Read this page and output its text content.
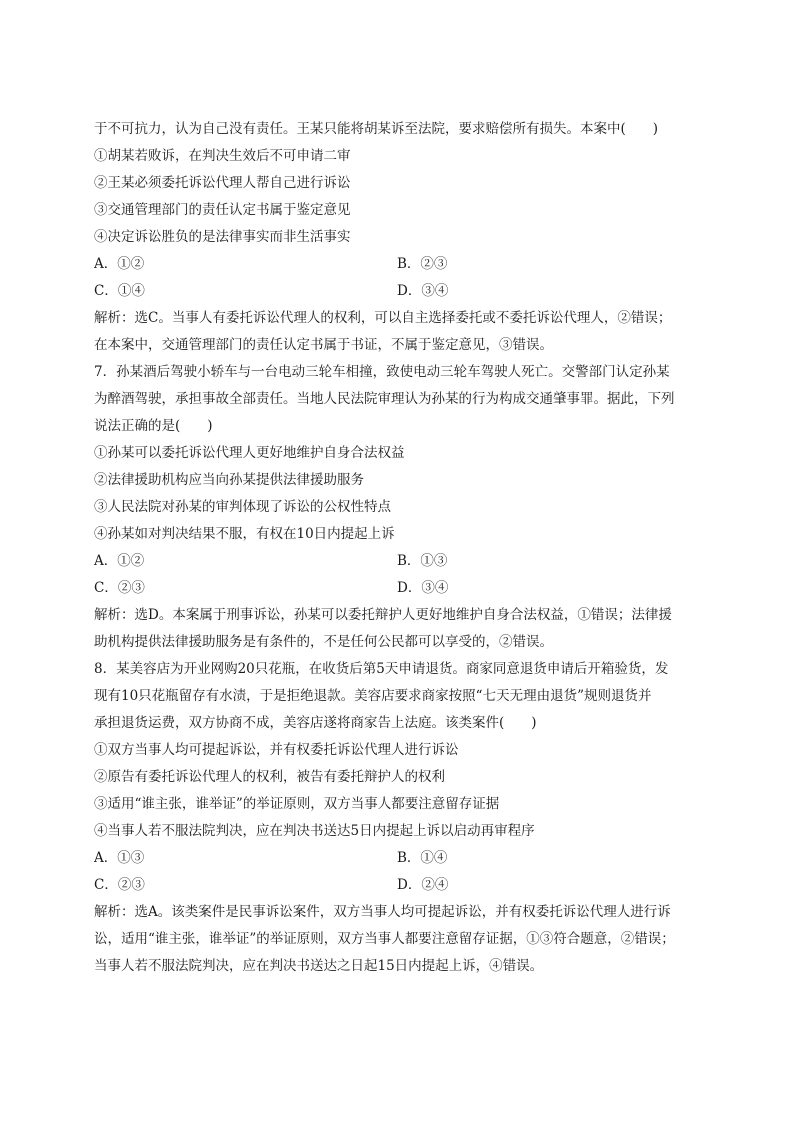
于不可抗力，认为自己没有责任。王某只能将胡某诉至法院，要求赔偿所有损失。本案中(　　)
①胡某若败诉，在判决生效后不可申请二审
②王某必须委托诉讼代理人帮自己进行诉讼
③交通管理部门的责任认定书属于鉴定意见
④决定诉讼胜负的是法律事实而非生活事实
A．①②	B．②③
C．①④	D．③④
解析：选C。当事人有委托诉讼代理人的权利，可以自主选择委托或不委托诉讼代理人，②错误；
在本案中，交通管理部门的责任认定书属于书证，不属于鉴定意见，③错误。
7．孙某酒后驾驶小轿车与一台电动三轮车相撞，致使电动三轮车驾驶人死亡。交警部门认定孙某
为醉酒驾驶，承担事故全部责任。当地人民法院审理认为孙某的行为构成交通肇事罪。据此，下列
说法正确的是(　　)
①孙某可以委托诉讼代理人更好地维护自身合法权益
②法律援助机构应当向孙某提供法律援助服务
③人民法院对孙某的审判体现了诉讼的公权性特点
④孙某如对判决结果不服，有权在10日内提起上诉
A．①②	B．①③
C．②③	D．③④
解析：选D。本案属于刑事诉讼，孙某可以委托辩护人更好地维护自身合法权益，①错误；法律援
助机构提供法律援助服务是有条件的，不是任何公民都可以享受的，②错误。
8．某美容店为开业网购20只花瓶，在收货后第5天申请退货。商家同意退货申请后开箱验货，发
现有10只花瓶留存有水渍，于是拒绝退款。美容店要求商家按照“七天无理由退货”规则退货并
承担退货运费，双方协商不成，美容店遂将商家告上法庭。该类案件(　　)
①双方当事人均可提起诉讼，并有权委托诉讼代理人进行诉讼
②原告有委托诉讼代理人的权利，被告有委托辩护人的权利
③适用“谁主张，谁举证”的举证原则，双方当事人都要注意留存证据
④当事人若不服法院判决，应在判决书送达5日内提起上诉以启动再审程序
A．①③	B．①④
C．②③	D．②④
解析：选A。该类案件是民事诉讼案件，双方当事人均可提起诉讼，并有权委托诉讼代理人进行诉
讼，适用“谁主张，谁举证”的举证原则，双方当事人都要注意留存证据，①③符合题意，②错误；
当事人若不服法院判决，应在判决书送达之日起15日内提起上诉，④错误。
